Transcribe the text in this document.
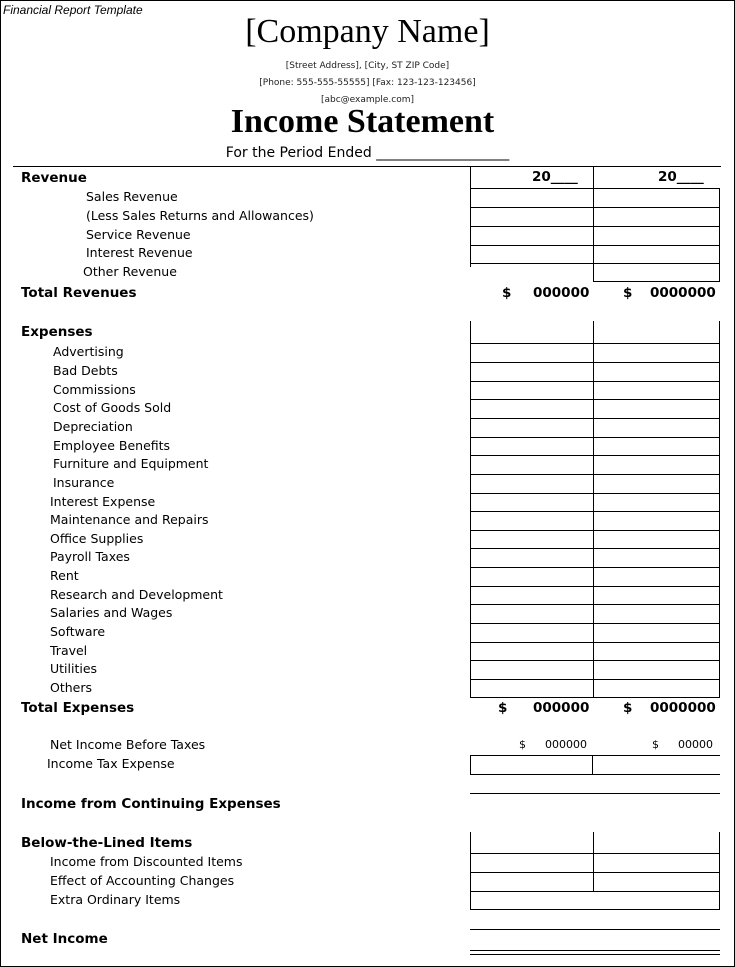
Financial Report Template
[Company Name]
[Street Address], [City, ST ZIP Code]
[Phone: 555-555-55555] [Fax: 123-123-123456]
[abc@example.com]
Income Statement
For the Period Ended ___________________
Revenue	20____	20____
Sales Revenue
(Less Sales Returns and Allowances)
Service Revenue
Interest Revenue
Other Revenue
Total Revenues	$ 000000 $ 0000000
Expenses
Advertising
Bad Debts
Commissions
Cost of Goods Sold
Depreciation
Employee Benefits
Furniture and Equipment
Insurance
Interest Expense
Maintenance and Repairs
Office Supplies
Payroll Taxes
Rent
Research and Development
Salaries and Wages
Software
Travel
Utilities
Others
Total Expenses	$ 000000 $ 0000000
Net Income Before Taxes	$ 000000	$ 00000
Income Tax Expense
Income from Continuing Expenses
Below-the-Lined Items
Income from Discounted Items
Effect of Accounting Changes
Extra Ordinary Items
Net Income
